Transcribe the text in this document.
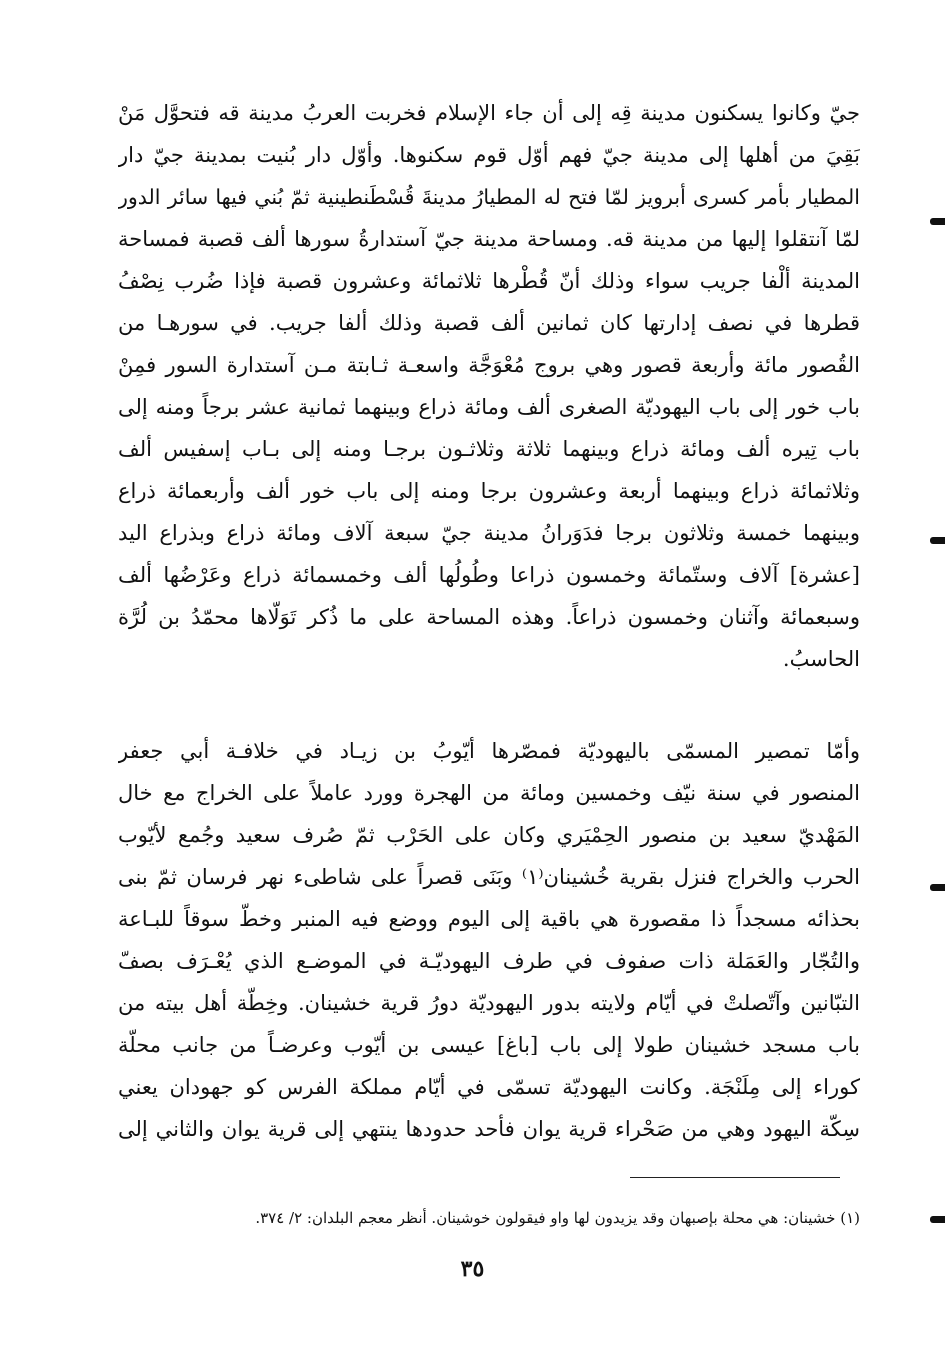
جيّ وكانوا يسكنون مدينة قِه إلى أن جاء الإسلام فخربت العربُ مدينة قه فتحوَّل مَنْ
بَقِيَ من أهلها إلى مدينة جيّ فهم أوّل قوم سكنوها. وأوّل دار بُنيت بمدينة جيّ دار
المطيار بأمر كسرى أبرويز لمّا فتح له المطيارُ مدينةَ قُسْطَنطينية ثمّ بُني فيها سائر الدور
لمّا آنتقلوا إليها من مدينة قه. ومساحة مدينة جيّ آستدارةُ سورها ألف قصبة فمساحة
المدينة ألْفا جريب سواء وذلك أنّ قُطْرها ثلاثمائة وعشرون قصبة فإذا ضُرب نِصْفُ
قطرها في نصف إدارتها كان ثمانين ألف قصبة وذلك ألفا جريب. في سورهـا من
القُصور مائة وأربعة قصور وهي بروج مُعْوَجَّة واسعـة ثـابتة مـن آستدارة السور فمِنْ
باب خور إلى باب اليهوديّة الصغرى ألف ومائة ذراع وبينهما ثمانية عشر برجاً ومنه إلى
باب تِيره ألف ومائة ذراع وبينهما ثلاثة وثلاثـون برجـا ومنه إلى بـاب إسفيس ألف
وثلاثمائة ذراع وبينهما أربعة وعشرون برجا ومنه إلى باب خور ألف وأربعمائة ذراع
وبينهما خمسة وثلاثون برجا فدَوَرانُ مدينة جيّ سبعة آلاف ومائة ذراع وبذراع اليد
[عشرة] آلاف وستّمائة وخمسون ذراعا وطُولُها ألف وخمسمائة ذراع وعَرْضُها ألف
وسبعمائة وآثنان وخمسون ذراعاً. وهذه المساحة على ما ذُكر تَوَلّاها محمّدُ بن لُرَّة
الحاسبُ.
وأمّا تمصير المسمّى باليهوديّة فمصّرها أيّوبُ بن زيـاد في خلافـة أبي جعفر
المنصور في سنة نيّف وخمسين ومائة من الهجرة وورد عاملاً على الخراج مع خال
المَهْديّ سعيد بن منصور الحِمْيَري وكان على الحَرْب ثمّ صُرف سعيد وجُمع لأيّوب
الحرب والخراج فنزل بقرية خُشينان⁽١⁾ وبَنَى قصراً على شاطىء نهر فرسان ثمّ بنى
بحذائه مسجداً ذا مقصورة هي باقية إلى اليوم ووضع فيه المنبر وخطّ سوقاً للبـاعة
والتُجّار والعَمَلة ذات صفوف في طرف اليهوديّـة في الموضـع الذي يُعْـرَف بصفّ
التبّانين وآتّصلتْ في أيّام ولايته بدور اليهوديّة دورُ قرية خشينان. وخِطّة أهل بيته من
باب مسجد خشينان طولا إلى باب [باغ] عيسى بن أيّوب وعرضـاً من جانب محلّة
كوراء إلى مِلَنْجَة. وكانت اليهوديّة تسمّى في أيّام مملكة الفرس كو جهودان يعني
سِكّة اليهود وهي من صَحْراء قرية يوان فأحد حدودها ينتهي إلى قرية يوان والثاني إلى
(١) خشينان: هي محلة بإصبهان وقد يزيدون لها واو فيقولون خوشينان. أنظر معجم البلدان: ٢/ ٣٧٤.
٣٥
